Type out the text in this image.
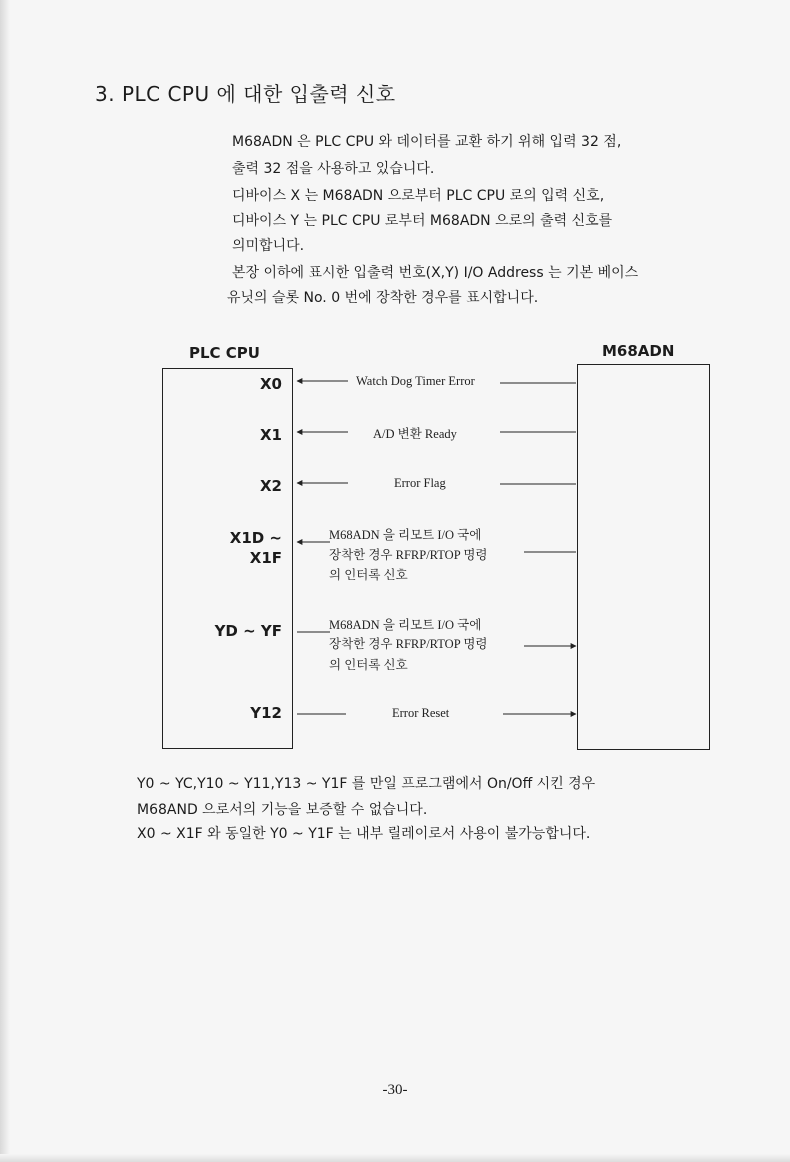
3. PLC CPU 에 대한 입출력 신호
M68ADN 은 PLC CPU 와 데이터를 교환 하기 위해 입력 32 점,
출력 32 점을 사용하고 있습니다.
디바이스 X 는 M68ADN 으로부터 PLC CPU 로의 입력 신호,
디바이스 Y 는 PLC CPU 로부터 M68ADN 으로의 출력 신호를
의미합니다.
본장 이하에 표시한 입출력 번호(X,Y) I/O Address 는 기본 베이스
유닛의 슬롯 No. 0 번에 장착한 경우를 표시합니다.
PLC CPU	M68ADN
X0
X1
X2
X1D ~
X1F
YD ~ YF
Y12
Watch Dog Timer Error
A/D 변환 Ready
Error Flag
M68ADN 을 리모트 I/O 국에
장착한 경우 RFRP/RTOP 명령
의 인터록 신호
M68ADN 을 리모트 I/O 국에
장착한 경우 RFRP/RTOP 명령
의 인터록 신호
Error Reset
Y0 ~ YC,Y10 ~ Y11,Y13 ~ Y1F 를 만일 프로그램에서 On/Off 시킨 경우
M68AND 으로서의 기능을 보증할 수 없습니다.
X0 ~ X1F 와 동일한 Y0 ~ Y1F 는 내부 릴레이로서 사용이 불가능합니다.
-30-
